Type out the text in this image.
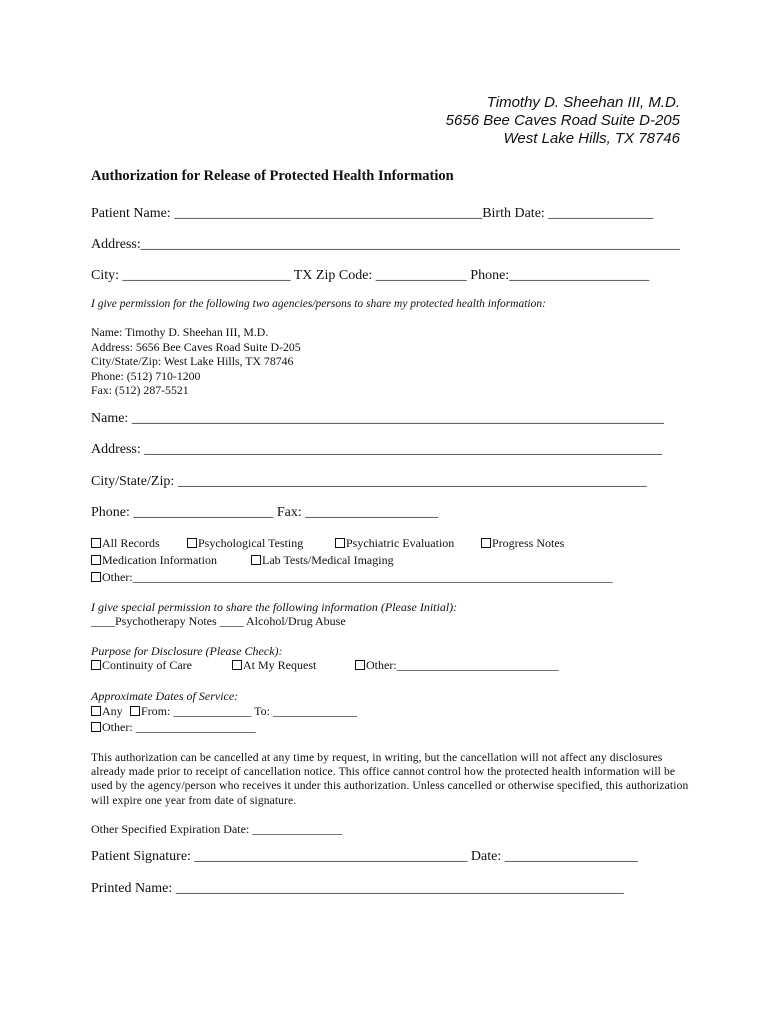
Timothy D. Sheehan III, M.D.
5656 Bee Caves Road Suite D-205
West Lake Hills, TX 78746
Authorization for Release of Protected Health Information
Patient Name: ____________________________________________Birth Date: _______________
Address:_____________________________________________________________________________
City: ________________________ TX Zip Code: _____________ Phone:____________________
I give permission for the following two agencies/persons to share my protected health information:
Name: Timothy D. Sheehan III, M.D.
Address: 5656 Bee Caves Road Suite D-205
City/State/Zip: West Lake Hills, TX 78746
Phone: (512) 710-1200
Fax: (512) 287-5521
Name: ____________________________________________________________________________
Address: __________________________________________________________________________
City/State/Zip: ___________________________________________________________________
Phone: ____________________ Fax: ___________________
All Records	Psychological Testing	Psychiatric Evaluation	Progress Notes
Medication Information	Lab Tests/Medical Imaging
Other:________________________________________________________________________________
I give special permission to share the following information (Please Initial):
____Psychotherapy Notes ____ Alcohol/Drug Abuse
Purpose for Disclosure (Please Check):
Continuity of Care	At My Request	Other:___________________________
Approximate Dates of Service:
Any	From: _____________ To: ______________
Other: ____________________
This authorization can be cancelled at any time by request, in writing, but the cancellation will not affect any disclosures already made prior to receipt of cancellation notice. This office cannot control how the protected health information will be used by the agency/person who receives it under this authorization. Unless cancelled or otherwise specified, this authorization will expire one year from date of signature.
Other Specified Expiration Date: _______________
Patient Signature: _______________________________________ Date: ___________________
Printed Name: ________________________________________________________________
